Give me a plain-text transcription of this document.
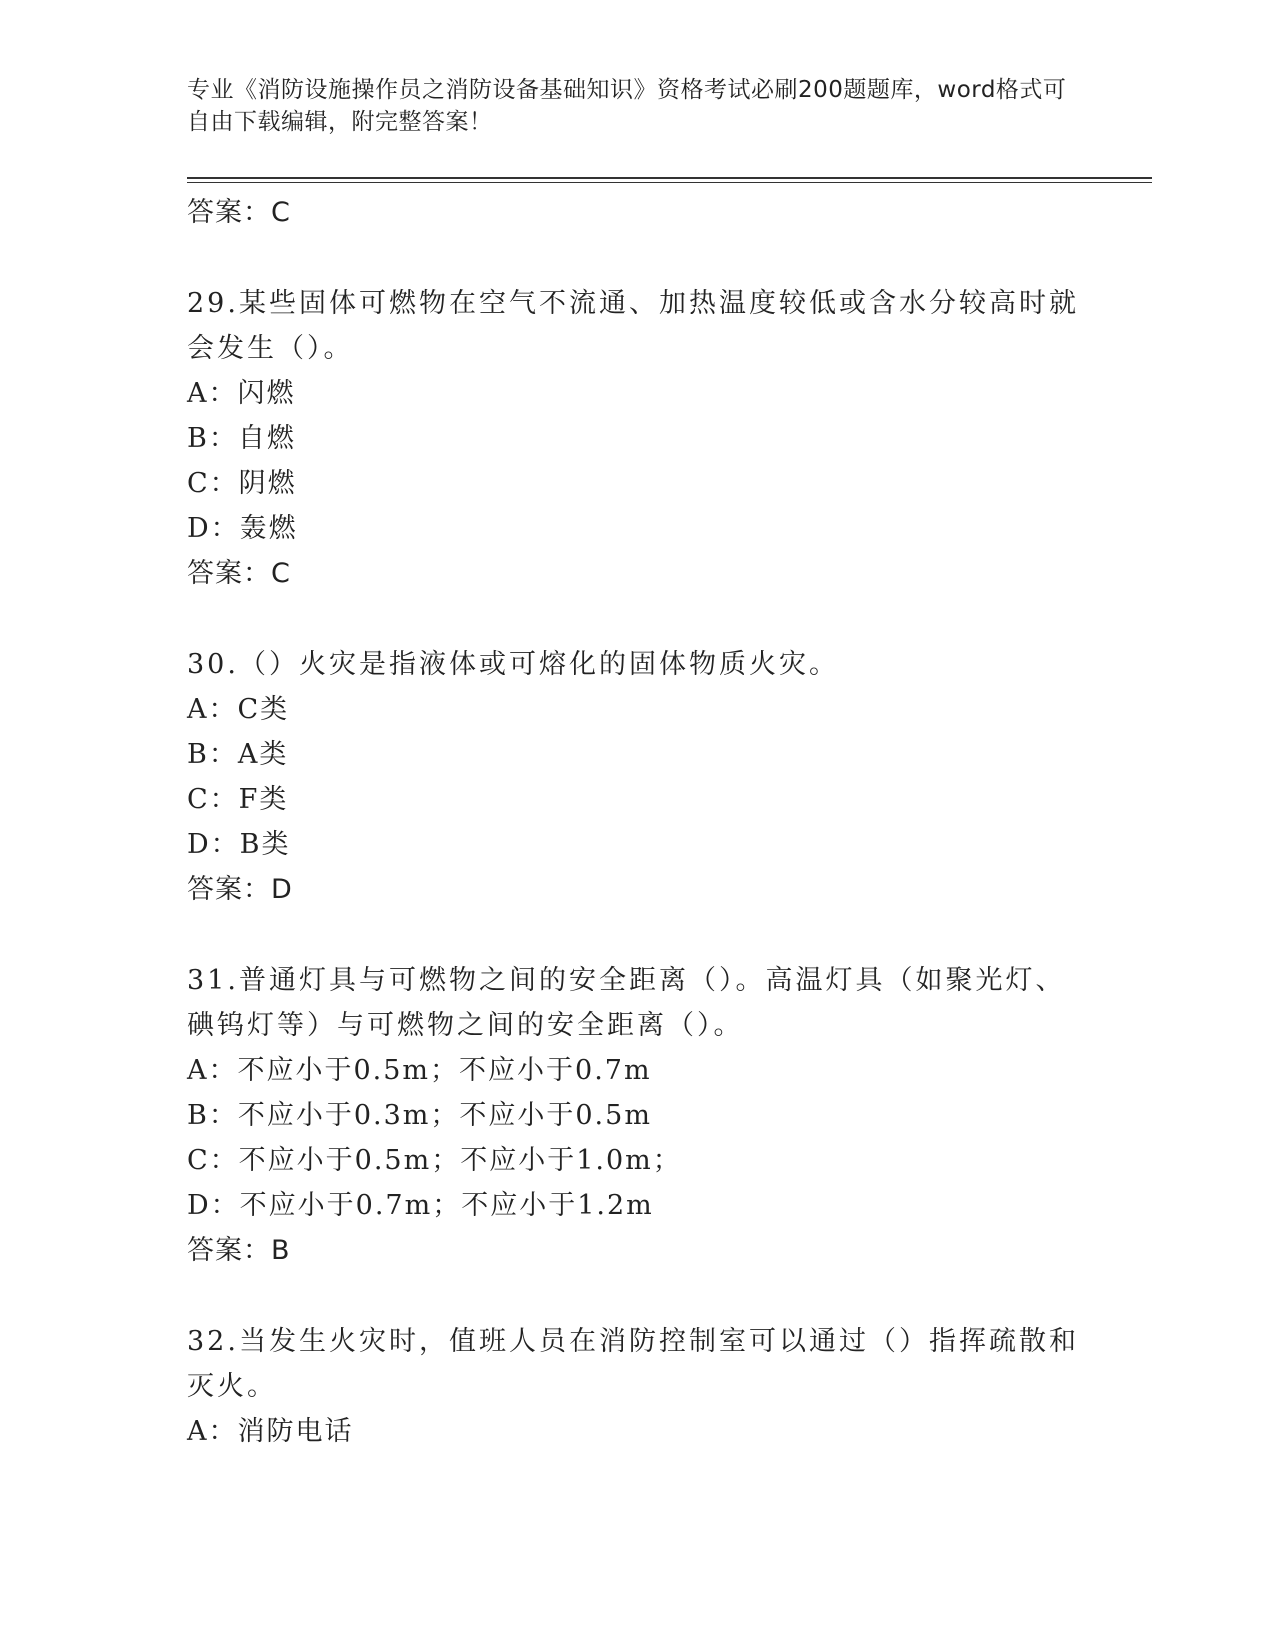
专业《消防设施操作员之消防设备基础知识》资格考试必刷200题题库，word格式可自由下载编辑，附完整答案！
答案：C
29.某些固体可燃物在空气不流通、加热温度较低或含水分较高时就会发生（）。
A：闪燃
B：自燃
C：阴燃
D：轰燃
答案：C
30.（）火灾是指液体或可熔化的固体物质火灾。
A：C类
B：A类
C：F类
D：B类
答案：D
31.普通灯具与可燃物之间的安全距离（）。高温灯具（如聚光灯、碘钨灯等）与可燃物之间的安全距离（）。
A：不应小于0.5m；不应小于0.7m
B：不应小于0.3m；不应小于0.5m
C：不应小于0.5m；不应小于1.0m；
D：不应小于0.7m；不应小于1.2m
答案：B
32.当发生火灾时，值班人员在消防控制室可以通过（）指挥疏散和灭火。
A：消防电话
